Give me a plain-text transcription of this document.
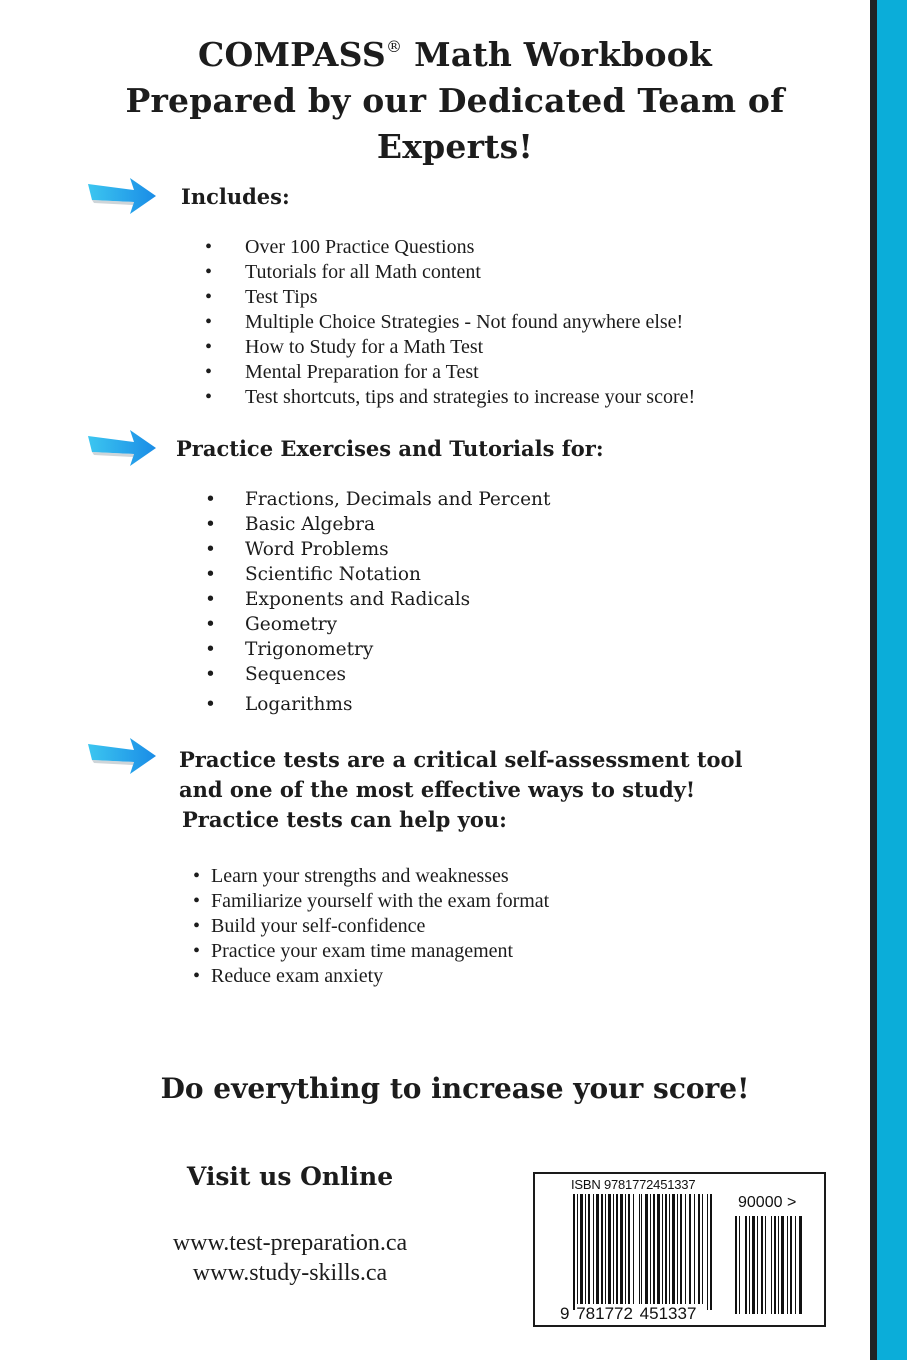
COMPASS® Math Workbook
Prepared by our Dedicated Team of
Experts!
Includes:
• Over 100 Practice Questions
• Tutorials for all Math content
• Test Tips
• Multiple Choice Strategies - Not found anywhere else!
• How to Study for a Math Test
• Mental Preparation for a Test
• Test shortcuts, tips and strategies to increase your score!
Practice Exercises and Tutorials for:
• Fractions, Decimals and Percent
• Basic Algebra
• Word Problems
• Scientific Notation
• Exponents and Radicals
• Geometry
• Trigonometry
• Sequences
• Logarithms
Practice tests are a critical self-assessment tool
and one of the most effective ways to study!
Practice tests can help you:
• Learn your strengths and weaknesses
• Familiarize yourself with the exam format
• Build your self-confidence
• Practice your exam time management
• Reduce exam anxiety
Do everything to increase your score!
Visit us Online
www.test-preparation.ca
www.study-skills.ca
ISBN 9781772451337
90000 >
9 781772 451337
